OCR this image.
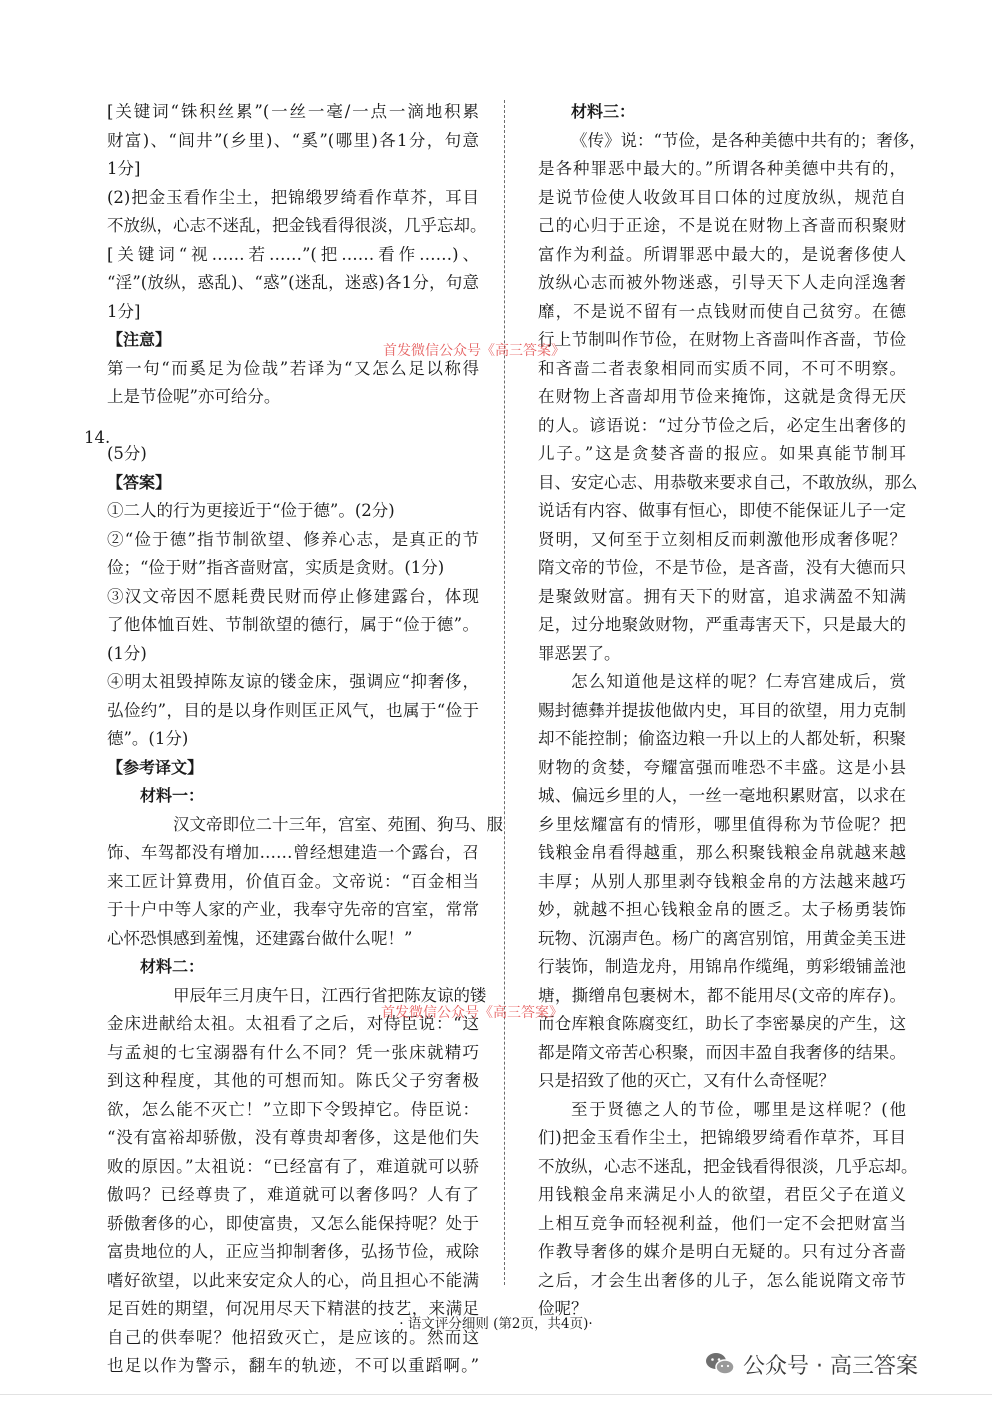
[关键词“铢积丝累”(一丝一毫/一点一滴地积累
财富)、“闾井”(乡里)、“奚”(哪里)各1分，句意
1分]
(2)把金玉看作尘土，把锦缎罗绮看作草芥，耳目
不放纵，心志不迷乱，把金钱看得很淡，几乎忘却。
[关键词“视……若……”(把……看作……)、
“淫”(放纵，惑乱)、“惑”(迷乱，迷惑)各1分，句意
1分]
【注意】
第一句“而奚足为俭哉”若译为“又怎么足以称得
上是节俭呢”亦可给分。
(5分)
【答案】
①二人的行为更接近于“俭于德”。(2分)
②“俭于德”指节制欲望、修养心志，是真正的节
俭；“俭于财”指吝啬财富，实质是贪财。(1分)
③汉文帝因不愿耗费民财而停止修建露台，体现
了他体恤百姓、节制欲望的德行，属于“俭于德”。
(1分)
④明太祖毁掉陈友谅的镂金床，强调应“抑奢侈，
弘俭约”，目的是以身作则匡正风气，也属于“俭于
德”。(1分)
【参考译文】
材料一：
汉文帝即位二十三年，宫室、苑囿、狗马、服
饰、车驾都没有增加……曾经想建造一个露台，召
来工匠计算费用，价值百金。文帝说：“百金相当
于十户中等人家的产业，我奉守先帝的宫室，常常
心怀恐惧感到羞愧，还建露台做什么呢！”
材料二：
甲辰年三月庚午日，江西行省把陈友谅的镂
金床进献给太祖。太祖看了之后，对侍臣说：“这
与孟昶的七宝溺器有什么不同？凭一张床就精巧
到这种程度，其他的可想而知。陈氏父子穷奢极
欲，怎么能不灭亡！”立即下令毁掉它。侍臣说：
“没有富裕却骄傲，没有尊贵却奢侈，这是他们失
败的原因。”太祖说：“已经富有了，难道就可以骄
傲吗？已经尊贵了，难道就可以奢侈吗？人有了
骄傲奢侈的心，即使富贵，又怎么能保持呢？处于
富贵地位的人，正应当抑制奢侈，弘扬节俭，戒除
嗜好欲望，以此来安定众人的心，尚且担心不能满
足百姓的期望，何况用尽天下精湛的技艺，来满足
自己的供奉呢？他招致灭亡，是应该的。然而这
也足以作为警示，翻车的轨迹，不可以重蹈啊。”
14.
材料三：
《传》说：“节俭，是各种美德中共有的；奢侈，
是各种罪恶中最大的。”所谓各种美德中共有的，
是说节俭使人收敛耳目口体的过度放纵，规范自
己的心归于正途，不是说在财物上吝啬而积聚财
富作为利益。所谓罪恶中最大的，是说奢侈使人
放纵心志而被外物迷惑，引导天下人走向淫逸奢
靡，不是说不留有一点钱财而使自己贫穷。在德
行上节制叫作节俭，在财物上吝啬叫作吝啬，节俭
和吝啬二者表象相同而实质不同，不可不明察。
在财物上吝啬却用节俭来掩饰，这就是贪得无厌
的人。谚语说：“过分节俭之后，必定生出奢侈的
儿子。”这是贪婪吝啬的报应。如果真能节制耳
目、安定心志、用恭敬来要求自己，不敢放纵，那么
说话有内容、做事有恒心，即使不能保证儿子一定
贤明，又何至于立刻相反而刺激他形成奢侈呢？
隋文帝的节俭，不是节俭，是吝啬，没有大德而只
是聚敛财富。拥有天下的财富，追求满盈不知满
足，过分地聚敛财物，严重毒害天下，只是最大的
罪恶罢了。
怎么知道他是这样的呢？仁寿宫建成后，赏
赐封德彝并提拔他做内史，耳目的欲望，用力克制
却不能控制；偷盗边粮一升以上的人都处斩，积聚
财物的贪婪，夸耀富强而唯恐不丰盛。这是小县
城、偏远乡里的人，一丝一毫地积累财富，以求在
乡里炫耀富有的情形，哪里值得称为节俭呢？把
钱粮金帛看得越重，那么积聚钱粮金帛就越来越
丰厚；从别人那里剥夺钱粮金帛的方法越来越巧
妙，就越不担心钱粮金帛的匮乏。太子杨勇装饰
玩物、沉溺声色。杨广的离宫别馆，用黄金美玉进
行装饰，制造龙舟，用锦帛作缆绳，剪彩缎铺盖池
塘，撕缯帛包裹树木，都不能用尽(文帝的库存)。
而仓库粮食陈腐变红，助长了李密暴戾的产生，这
都是隋文帝苦心积聚，而因丰盈自我奢侈的结果。
只是招致了他的灭亡，又有什么奇怪呢？
至于贤德之人的节俭，哪里是这样呢？(他
们)把金玉看作尘土，把锦缎罗绮看作草芥，耳目
不放纵，心志不迷乱，把金钱看得很淡，几乎忘却。
用钱粮金帛来满足小人的欲望，君臣父子在道义
上相互竞争而轻视利益，他们一定不会把财富当
作教导奢侈的媒介是明白无疑的。只有过分吝啬
之后，才会生出奢侈的儿子，怎么能说隋文帝节
俭呢？
首发微信公众号《高三答案》
首发微信公众号《高三答案》
· 语文评分细则 (第2页，共4页)·
公众号 · 高三答案
